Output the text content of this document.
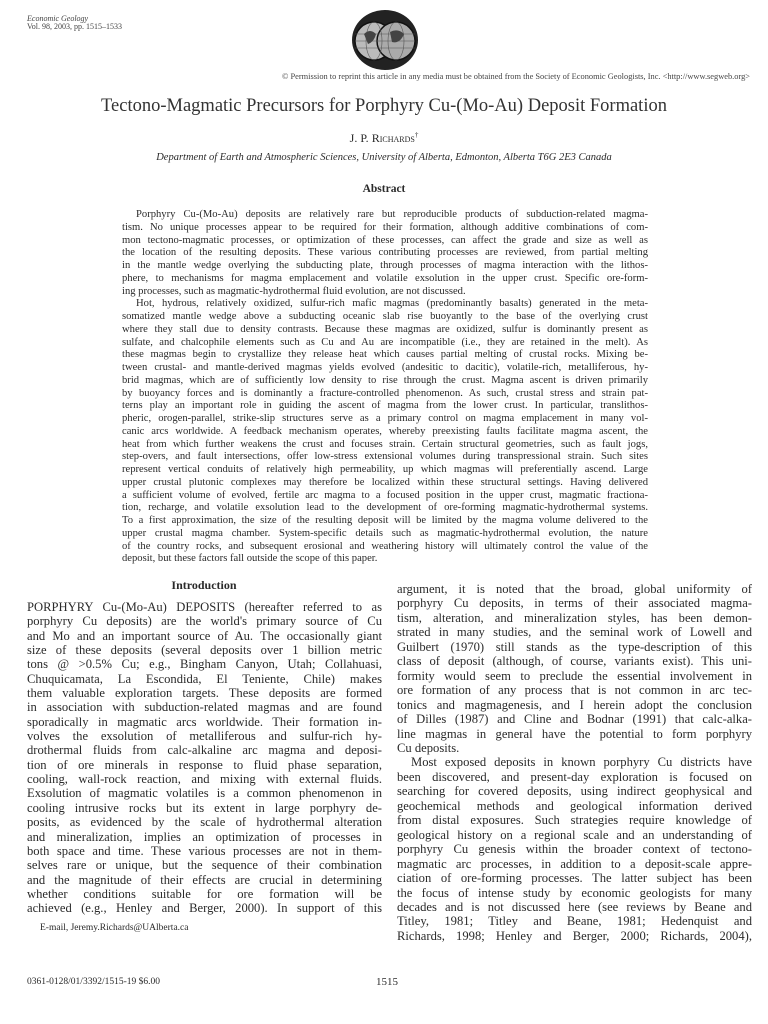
Economic Geology
Vol. 98, 2003, pp. 1515–1533
© Permission to reprint this article in any media must be obtained from the Society of Economic Geologists, Inc. <http://www.segweb.org>
Tectono-Magmatic Precursors for Porphyry Cu-(Mo-Au) Deposit Formation
J. P. Richards†
Department of Earth and Atmospheric Sciences, University of Alberta, Edmonton, Alberta T6G 2E3 Canada
Abstract
Porphyry Cu-(Mo-Au) deposits are relatively rare but reproducible products of subduction-related magma-
tism. No unique processes appear to be required for their formation, although additive combinations of com-
mon tectono-magmatic processes, or optimization of these processes, can affect the grade and size as well as
the location of the resulting deposits. These various contributing processes are reviewed, from partial melting
in the mantle wedge overlying the subducting plate, through processes of magma interaction with the lithos-
phere, to mechanisms for magma emplacement and volatile exsolution in the upper crust. Specific ore-form-
ing processes, such as magmatic-hydrothermal fluid evolution, are not discussed.
Hot, hydrous, relatively oxidized, sulfur-rich mafic magmas (predominantly basalts) generated in the meta-
somatized mantle wedge above a subducting oceanic slab rise buoyantly to the base of the overlying crust
where they stall due to density contrasts. Because these magmas are oxidized, sulfur is dominantly present as
sulfate, and chalcophile elements such as Cu and Au are incompatible (i.e., they are retained in the melt). As
these magmas begin to crystallize they release heat which causes partial melting of crustal rocks. Mixing be-
tween crustal- and mantle-derived magmas yields evolved (andesitic to dacitic), volatile-rich, metalliferous, hy-
brid magmas, which are of sufficiently low density to rise through the crust. Magma ascent is driven primarily
by buoyancy forces and is dominantly a fracture-controlled phenomenon. As such, crustal stress and strain pat-
terns play an important role in guiding the ascent of magma from the lower crust. In particular, translithos-
pheric, orogen-parallel, strike-slip structures serve as a primary control on magma emplacement in many vol-
canic arcs worldwide. A feedback mechanism operates, whereby preexisting faults facilitate magma ascent, the
heat from which further weakens the crust and focuses strain. Certain structural geometries, such as fault jogs,
step-overs, and fault intersections, offer low-stress extensional volumes during transpressional strain. Such sites
represent vertical conduits of relatively high permeability, up which magmas will preferentially ascend. Large
upper crustal plutonic complexes may therefore be localized within these structural settings. Having delivered
a sufficient volume of evolved, fertile arc magma to a focused position in the upper crust, magmatic fractiona-
tion, recharge, and volatile exsolution lead to the development of ore-forming magmatic-hydrothermal systems.
To a first approximation, the size of the resulting deposit will be limited by the magma volume delivered to the
upper crustal magma chamber. System-specific details such as magmatic-hydrothermal evolution, the nature
of the country rocks, and subsequent erosional and weathering history will ultimately control the value of the
deposit, but these factors fall outside the scope of this paper.
Introduction
PORPHYRY Cu-(Mo-Au) DEPOSITS (hereafter referred to as
porphyry Cu deposits) are the world's primary source of Cu
and Mo and an important source of Au. The occasionally giant
size of these deposits (several deposits over 1 billion metric
tons @ >0.5% Cu; e.g., Bingham Canyon, Utah; Collahuasi,
Chuquicamata, La Escondida, El Teniente, Chile) makes
them valuable exploration targets. These deposits are formed
in association with subduction-related magmas and are found
sporadically in magmatic arcs worldwide. Their formation in-
volves the exsolution of metalliferous and sulfur-rich hy-
drothermal fluids from calc-alkaline arc magma and deposi-
tion of ore minerals in response to fluid phase separation,
cooling, wall-rock reaction, and mixing with external fluids.
Exsolution of magmatic volatiles is a common phenomenon in
cooling intrusive rocks but its extent in large porphyry de-
posits, as evidenced by the scale of hydrothermal alteration
and mineralization, implies an optimization of processes in
both space and time. These various processes are not in them-
selves rare or unique, but the sequence of their combination
and the magnitude of their effects are crucial in determining
whether conditions suitable for ore formation will be
achieved (e.g., Henley and Berger, 2000). In support of this
argument, it is noted that the broad, global uniformity of
porphyry Cu deposits, in terms of their associated magma-
tism, alteration, and mineralization styles, has been demon-
strated in many studies, and the seminal work of Lowell and
Guilbert (1970) still stands as the type-description of this
class of deposit (although, of course, variants exist). This uni-
formity would seem to preclude the essential involvement in
ore formation of any process that is not common in arc tec-
tonics and magmagenesis, and I herein adopt the conclusion
of Dilles (1987) and Cline and Bodnar (1991) that calc-alka-
line magmas in general have the potential to form porphyry
Cu deposits.
Most exposed deposits in known porphyry Cu districts have
been discovered, and present-day exploration is focused on
searching for covered deposits, using indirect geophysical and
geochemical methods and geological information derived
from distal exposures. Such strategies require knowledge of
geological history on a regional scale and an understanding of
porphyry Cu genesis within the broader context of tectono-
magmatic arc processes, in addition to a deposit-scale appre-
ciation of ore-forming processes. The latter subject has been
the focus of intense study by economic geologists for many
decades and is not discussed here (see reviews by Beane and
Titley, 1981; Titley and Beane, 1981; Hedenquist and
Richards, 1998; Henley and Berger, 2000; Richards, 2004),
E-mail, Jeremy.Richards@UAlberta.ca
0361-0128/01/3392/1515-19 $6.00	1515
